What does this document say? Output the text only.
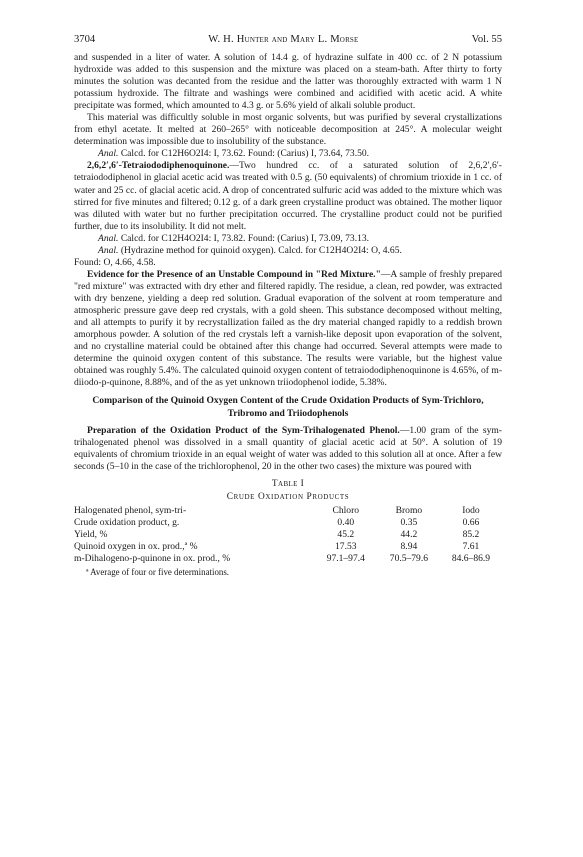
3704	W. H. Hunter and Mary L. Morse	Vol. 55

and suspended in a liter of water. A solution of 14.4 g. of hydrazine sulfate in 400 cc. of 2 N potassium hydroxide was added to this suspension and the mixture was placed on a steam-bath. After thirty to forty minutes the solution was decanted from the residue and the latter was thoroughly extracted with warm 1 N potassium hydroxide. The filtrate and washings were combined and acidified with acetic acid. A white precipitate was formed, which amounted to 4.3 g. or 5.6% yield of alkali soluble product.

This material was difficultly soluble in most organic solvents, but was purified by several crystallizations from ethyl acetate. It melted at 260–265° with noticeable decomposition at 245°. A molecular weight determination was impossible due to insolubility of the substance.

Anal. Calcd. for C12H6O2I4: I, 73.62. Found: (Carius) I, 73.64, 73.50.

2,6,2′,6′-Tetraiododiphenoquinone.—Two hundred cc. of a saturated solution of 2,6,2′,6′-tetraiododiphenol in glacial acetic acid was treated with 0.5 g. (50 equivalents) of chromium trioxide in 1 cc. of water and 25 cc. of glacial acetic acid. A drop of concentrated sulfuric acid was added to the mixture which was stirred for five minutes and filtered; 0.12 g. of a dark green crystalline product was obtained. The mother liquor was diluted with water but no further precipitation occurred. The crystalline product could not be purified further, due to its insolubility. It did not melt.

Anal. Calcd. for C12H4O2I4: I, 73.82. Found: (Carius) I, 73.09, 73.13.

Anal. (Hydrazine method for quinoid oxygen). Calcd. for C12H4O2I4: O, 4.65.

Found: O, 4.66, 4.58.

Evidence for the Presence of an Unstable Compound in "Red Mixture."—A sample of freshly prepared "red mixture" was extracted with dry ether and filtered rapidly. The residue, a clean, red powder, was extracted with dry benzene, yielding a deep red solution. Gradual evaporation of the solvent at room temperature and atmospheric pressure gave deep red crystals, with a gold sheen. This substance decomposed without melting, and all attempts to purify it by recrystallization failed as the dry material changed rapidly to a reddish brown amorphous powder. A solution of the red crystals left a varnish-like deposit upon evaporation of the solvent, and no crystalline material could be obtained after this change had occurred. Several attempts were made to determine the quinoid oxygen content of this substance. The results were variable, but the highest value obtained was roughly 5.4%. The calculated quinoid oxygen content of tetraiododiphenoquinone is 4.65%, of m-diiodo-p-quinone, 8.88%, and of the as yet unknown triiodophenol iodide, 5.38%.

Comparison of the Quinoid Oxygen Content of the Crude Oxidation Products of Sym-Trichloro, Tribromo and Triiodophenols

Preparation of the Oxidation Product of the Sym-Trihalogenated Phenol.—1.00 gram of the sym-trihalogenated phenol was dissolved in a small quantity of glacial acetic acid at 50°. A solution of 19 equivalents of chromium trioxide in an equal weight of water was added to this solution all at once. After a few seconds (5–10 in the case of the trichlorophenol, 20 in the other two cases) the mixture was poured with

Table I
Crude Oxidation Products
Halogenated phenol, sym-tri-	Chloro	Bromo	Iodo
Crude oxidation product, g.	0.40	0.35	0.66
Yield, %	45.2	44.2	85.2
Quinoid oxygen in ox. prod.,ª %	17.53	8.94	7.61
m-Dihalogeno-p-quinone in ox. prod., %	97.1–97.4	70.5–79.6	84.6–86.9
ª Average of four or five determinations.
